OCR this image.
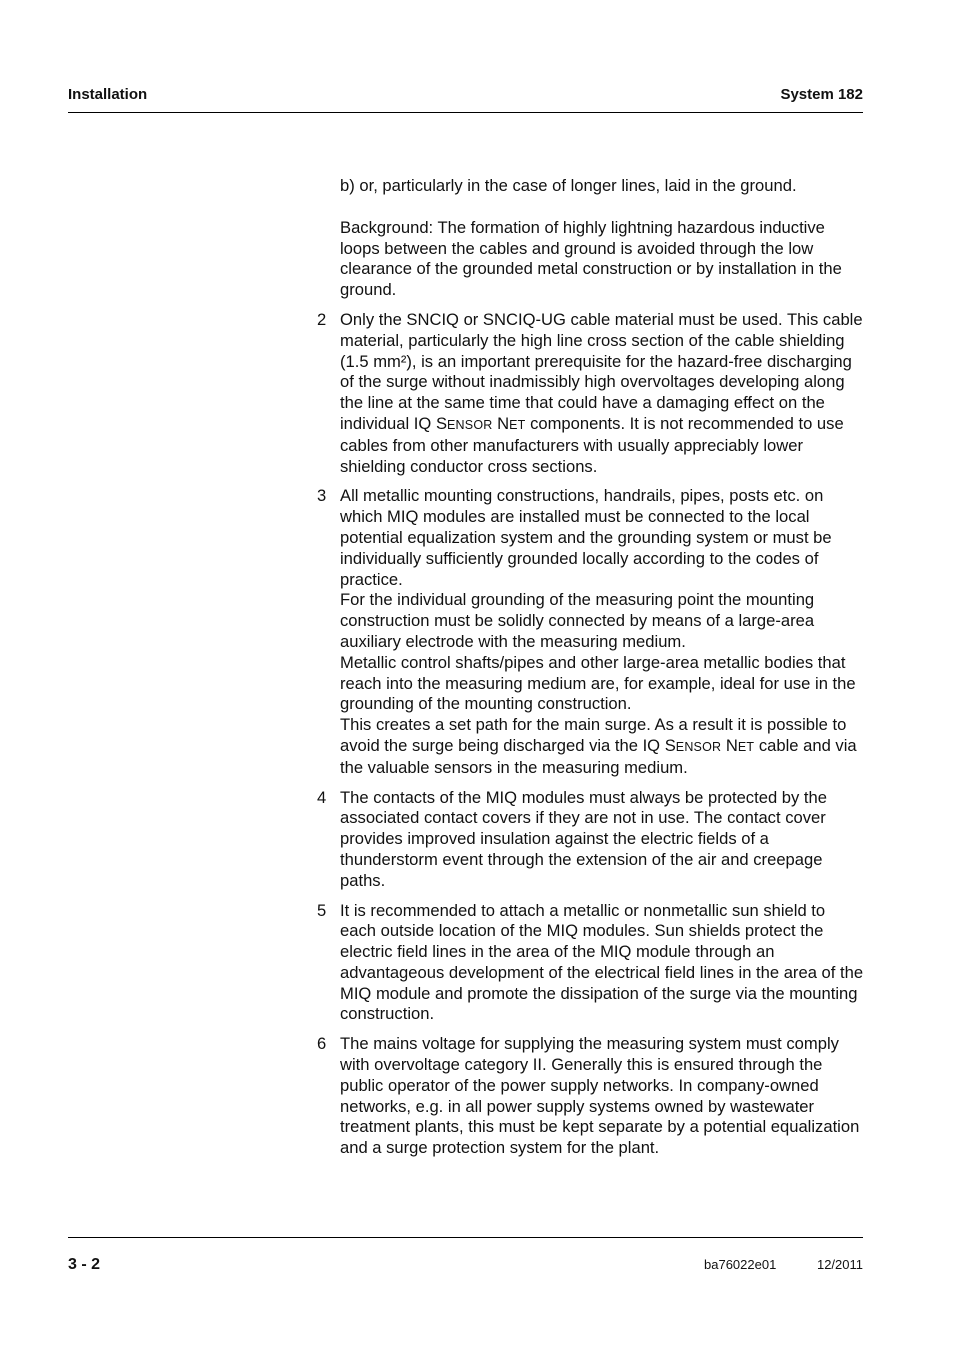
Installation	System 182

b) or, particularly in the case of longer lines, laid in the ground.

Background: The formation of highly lightning hazardous inductive loops between the cables and ground is avoided through the low clearance of the grounded metal construction or by installation in the ground.

2 Only the SNCIQ or SNCIQ-UG cable material must be used. This cable material, particularly the high line cross section of the cable shielding (1.5 mm²), is an important prerequisite for the hazard-free discharging of the surge without inadmissibly high overvoltages developing along the line at the same time that could have a damaging effect on the individual IQ SENSOR NET components. It is not recommended to use cables from other manufacturers with usually appreciably lower shielding conductor cross sections.

3 All metallic mounting constructions, handrails, pipes, posts etc. on which MIQ modules are installed must be connected to the local potential equalization system and the grounding system or must be individually sufficiently grounded locally according to the codes of practice.

For the individual grounding of the measuring point the mounting construction must be solidly connected by means of a large-area auxiliary electrode with the measuring medium.

Metallic control shafts/pipes and other large-area metallic bodies that reach into the measuring medium are, for example, ideal for use in the grounding of the mounting construction.

This creates a set path for the main surge. As a result it is possible to avoid the surge being discharged via the IQ SENSOR NET cable and via the valuable sensors in the measuring medium.

4 The contacts of the MIQ modules must always be protected by the associated contact covers if they are not in use. The contact cover provides improved insulation against the electric fields of a thunderstorm event through the extension of the air and creepage paths.

5 It is recommended to attach a metallic or nonmetallic sun shield to each outside location of the MIQ modules. Sun shields protect the electric field lines in the area of the MIQ module through an advantageous development of the electrical field lines in the area of the MIQ module and promote the dissipation of the surge via the mounting construction.

6 The mains voltage for supplying the measuring system must comply with overvoltage category II. Generally this is ensured through the public operator of the power supply networks. In company-owned networks, e.g. in all power supply systems owned by wastewater treatment plants, this must be kept separate by a potential equalization and a surge protection system for the plant.

3 - 2	ba76022e01	12/2011
